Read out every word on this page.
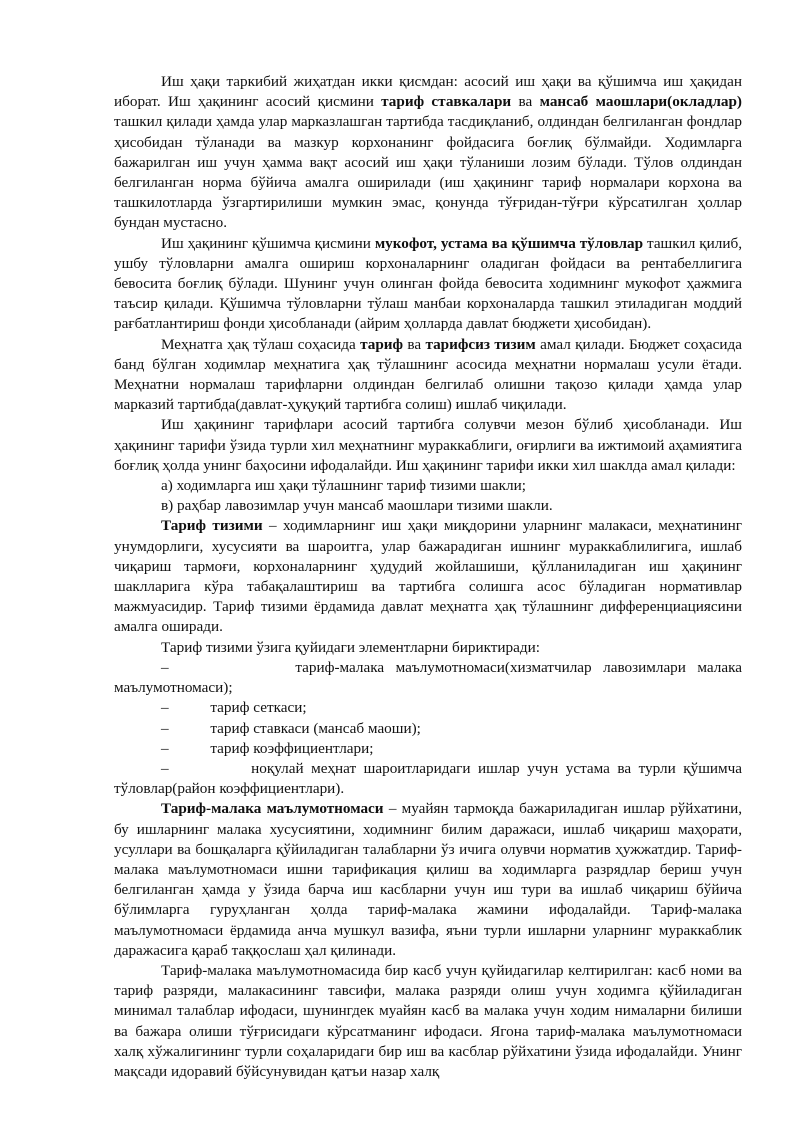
Иш ҳақи таркибий жиҳатдан икки қисмдан: асосий иш ҳақи ва қўшимча иш ҳақидан иборат. Иш ҳақининг асосий қисмини тариф ставкалари ва мансаб маошлари(окладлар) ташкил қилади ҳамда улар марказлашган тартибда тасдиқланиб, олдиндан белгиланган фондлар ҳисобидан тўланади ва мазкур корхонанинг фойдасига боғлиқ бўлмайди. Ходимларга бажарилган иш учун ҳамма вақт асосий иш ҳақи тўланиши лозим бўлади. Тўлов олдиндан белгиланган норма бўйича амалга оширилади (иш ҳақининг тариф нормалари корхона ва ташкилотларда ўзгартирилиши мумкин эмас, қонунда тўғридан-тўғри кўрсатилган ҳоллар бундан мустасно.

Иш ҳақининг қўшимча қисмини мукофот, устама ва қўшимча тўловлар ташкил қилиб, ушбу тўловларни амалга ошириш корхоналарнинг оладиган фойдаси ва рентабеллигига бевосита боғлиқ бўлади. Шунинг учун олинган фойда бевосита ходимнинг мукофот ҳажмига таъсир қилади. Қўшимча тўловларни тўлаш манбаи корхоналарда ташкил этиладиган моддий рағбатлантириш фонди ҳисобланади (айрим ҳолларда давлат бюджети ҳисобидан).

Меҳнатга ҳақ тўлаш соҳасида тариф ва тарифсиз тизим амал қилади. Бюджет соҳасида банд бўлган ходимлар меҳнатига ҳақ тўлашнинг асосида меҳнатни нормалаш усули ётади. Меҳнатни нормалаш тарифларни олдиндан белгилаб олишни тақозо қилади ҳамда улар марказий тартибда(давлат-ҳуқуқий тартибга солиш) ишлаб чиқилади.

Иш ҳақининг тарифлари асосий тартибга солувчи мезон бўлиб ҳисобланади. Иш ҳақининг тарифи ўзида турли хил меҳнатнинг мураккаблиги, оғирлиги ва ижтимоий аҳамиятига боғлиқ ҳолда унинг баҳосини ифодалайди. Иш ҳақининг тарифи икки хил шаклда амал қилади:

а) ходимларга иш ҳақи тўлашнинг тариф тизими шакли;

в) раҳбар лавозимлар учун мансаб маошлари тизими шакли.

Тариф тизими – ходимларнинг иш ҳақи миқдорини уларнинг малакаси, меҳнатининг унумдорлиги, хусусияти ва шароитга, улар бажарадиган ишнинг мураккаблилигига, ишлаб чиқариш тармоғи, корхоналарнинг ҳудудий жойлашиши, қўлланиладиган иш ҳақининг шаклларига кўра табақалаштириш ва тартибга солишга асос бўладиган нормативлар мажмуасидир. Тариф тизими ёрдамида давлат меҳнатга ҳақ тўлашнинг дифференциациясини амалга оширади.

Тариф тизими ўзига қуйидаги элементларни бириктиради:

–	тариф-малака маълумотномаси(хизматчилар лавозимлари малака маълумотномаси);

–	тариф сеткаси;

–	тариф ставкаси (мансаб маоши);

–	тариф коэффициентлари;

–	ноқулай меҳнат шароитларидаги ишлар учун устама ва турли қўшимча тўловлар(район коэффициентлари).

Тариф-малака маълумотномаси – муайян тармоқда бажариладиган ишлар рўйхатини, бу ишларнинг малака хусусиятини, ходимнинг билим даражаси, ишлаб чиқариш маҳорати, усуллари ва бошқаларга қўйиладиган талабларни ўз ичига олувчи норматив ҳужжатдир. Тариф-малака маълумотномаси ишни тарификация қилиш ва ходимларга разрядлар бериш учун белгиланган ҳамда у ўзида барча иш касбларни учун иш тури ва ишлаб чиқариш бўйича бўлимларга гуруҳланган ҳолда тариф-малака жамини ифодалайди. Тариф-малака маълумотномаси ёрдамида анча мушкул вазифа, яъни турли ишларни уларнинг мураккаблик даражасига қараб таққослаш ҳал қилинади.

Тариф-малака маълумотномасида бир касб учун қуйидагилар келтирилган: касб номи ва тариф разряди, малакасининг тавсифи, малака разряди олиш учун ходимга қўйиладиган минимал талаблар ифодаси, шунингдек муайян касб ва малака учун ходим нималарни билиши ва бажара олиши тўғрисидаги кўрсатманинг ифодаси. Ягона тариф-малака маълумотномаси халқ хўжалигининг турли соҳаларидаги бир иш ва касблар рўйхатини ўзида ифодалайди. Унинг мақсади идоравий бўйсунувидан қатъи назар халқ
